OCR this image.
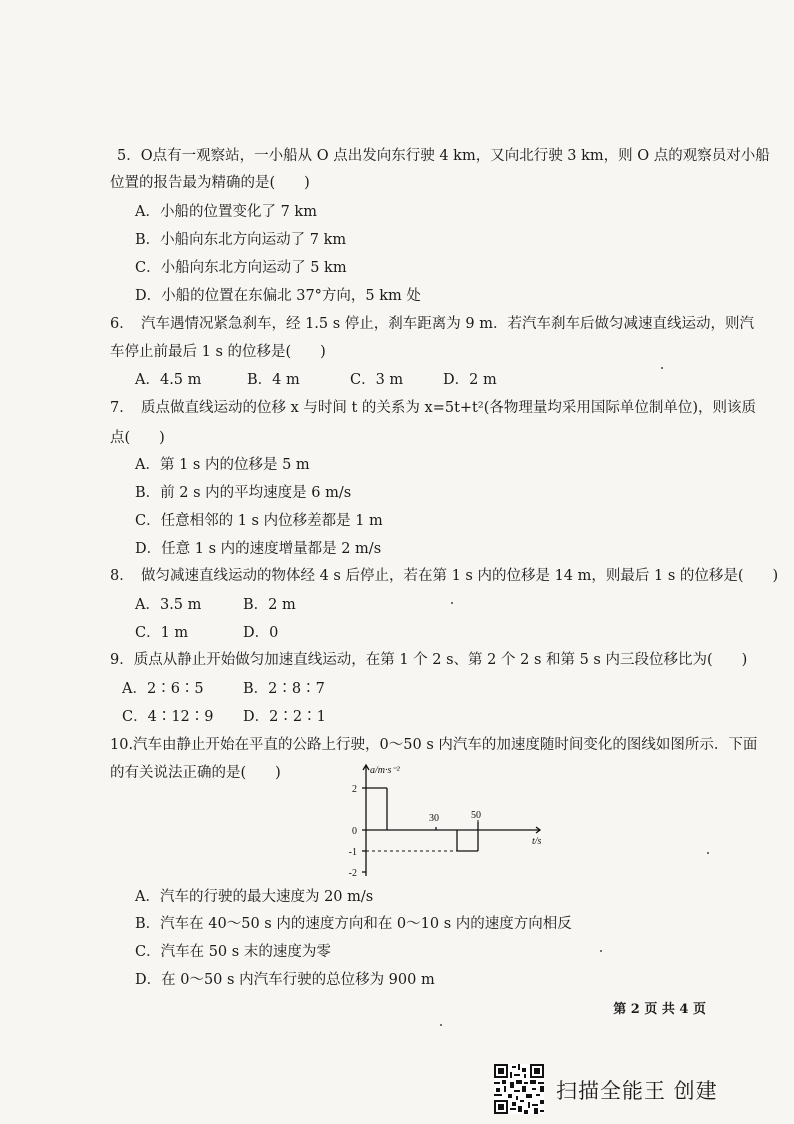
5．O点有一观察站，一小船从 O 点出发向东行驶 4 km，又向北行驶 3 km，则 O 点的观察员对小船
位置的报告最为精确的是(　　)
A．小船的位置变化了 7 km
B．小船向东北方向运动了 7 km
C．小船向东北方向运动了 5 km
D．小船的位置在东偏北 37°方向，5 km 处
6．　汽车遇情况紧急刹车，经 1.5 s 停止，刹车距离为 9 m．若汽车刹车后做匀减速直线运动，则汽
车停止前最后 1 s 的位移是(　　)
A．4.5 m	B．4 m	C．3 m	D．2 m
7．　质点做直线运动的位移 x 与时间 t 的关系为 x=5t+t²(各物理量均采用国际单位制单位)，则该质
点(　　)
A．第 1 s 内的位移是 5 m
B．前 2 s 内的平均速度是 6 m/s
C．任意相邻的 1 s 内位移差都是 1 m
D．任意 1 s 内的速度增量都是 2 m/s
8．　做匀减速直线运动的物体经 4 s 后停止，若在第 1 s 内的位移是 14 m，则最后 1 s 的位移是(　　)
A．3.5 m	B．2 m
C．1 m	D．0
9．质点从静止开始做匀加速直线运动，在第 1 个 2 s、第 2 个 2 s 和第 5 s 内三段位移比为(　　)
A．2∶6∶5	B．2∶8∶7
C．4∶12∶9 D．2∶2∶1
10.汽车由静止开始在平直的公路上行驶，0～50 s 内汽车的加速度随时间变化的图线如图所示．下面
的有关说法正确的是(　　)	a/m·s⁻²
t/s
2
0
-1
-2
30	50
A．汽车的行驶的最大速度为 20 m/s
B．汽车在 40～50 s 内的速度方向和在 0～10 s 内的速度方向相反
C．汽车在 50 s 末的速度为零
D．在 0～50 s 内汽车行驶的总位移为 900 m
第 2 页 共 4 页
扫描全能王 创建
